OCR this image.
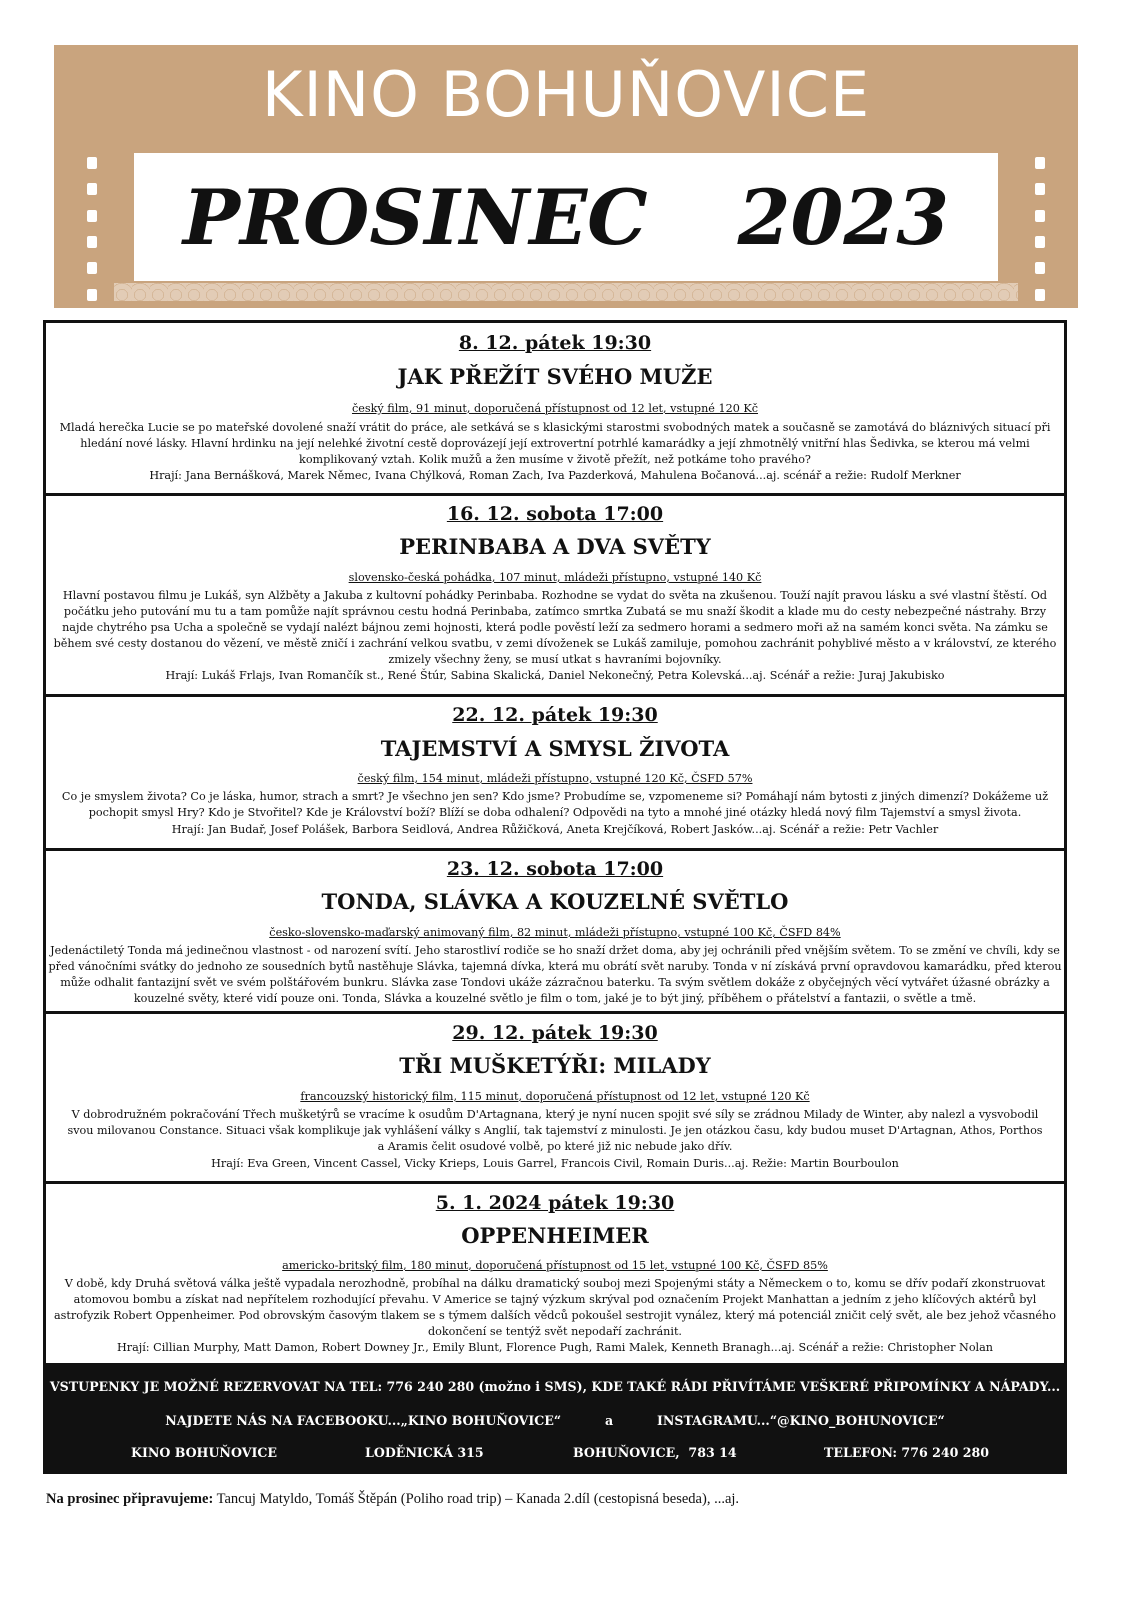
KINO BOHUŇOVICE
PROSINEC 2023
8. 12. pátek 19:30
JAK PŘEŽÍT SVÉHO MUŽE
český film, 91 minut, doporučená přístupnost od 12 let, vstupné 120 Kč
Mladá herečka Lucie se po mateřské dovolené snaží vrátit do práce, ale setkává se s klasickými starostmi svobodných matek a současně se zamotává do bláznivých situací při hledání nové lásky. Hlavní hrdinku na její nelehké životní cestě doprovázejí její extrovertní potrhlé kamarádky a její zhmotnělý vnitřní hlas Šedivka, se kterou má velmi komplikovaný vztah. Kolik mužů a žen musíme v životě přežít, než potkáme toho pravého?
Hrají: Jana Bernášková, Marek Němec, Ivana Chýlková, Roman Zach, Iva Pazderková, Mahulena Bočanová...aj. scénář a režie: Rudolf Merkner
16. 12. sobota 17:00
PERINBABA A DVA SVĚTY
slovensko-česká pohádka, 107 minut, mládeži přístupno, vstupné 140 Kč
Hlavní postavou filmu je Lukáš, syn Alžběty a Jakuba z kultovní pohádky Perinbaba. Rozhodne se vydat do světa na zkušenou. Touží najít pravou lásku a své vlastní štěstí. Od počátku jeho putování mu tu a tam pomůže najít správnou cestu hodná Perinbaba, zatímco smrtka Zubatá se mu snaží škodit a klade mu do cesty nebezpečné nástrahy. Brzy najde chytrého psa Ucha a společně se vydají nalézt bájnou zemi hojnosti, která podle pověstí leží za sedmero horami a sedmero moři až na samém konci světa. Na zámku se během své cesty dostanou do vězení, ve městě zničí i zachrání velkou svatbu, v zemi dívoženek se Lukáš zamiluje, pomohou zachránit pohyblivé město a v království, ze kterého zmizely všechny ženy, se musí utkat s havraními bojovníky.
Hrají: Lukáš Frlajs, Ivan Romančík st., René Štúr, Sabina Skalická, Daniel Nekonečný, Petra Kolevská...aj. Scénář a režie: Juraj Jakubisko
22. 12. pátek 19:30
TAJEMSTVÍ A SMYSL ŽIVOTA
český film, 154 minut, mládeži přístupno, vstupné 120 Kč, ČSFD 57%
Co je smyslem života? Co je láska, humor, strach a smrt? Je všechno jen sen? Kdo jsme? Probudíme se, vzpomeneme si? Pomáhají nám bytosti z jiných dimenzí? Dokážeme už pochopit smysl Hry? Kdo je Stvořitel? Kde je Království boží? Blíží se doba odhalení? Odpovědi na tyto a mnohé jiné otázky hledá nový film Tajemství a smysl života.
Hrají: Jan Budař, Josef Polášek, Barbora Seidlová, Andrea Růžičková, Aneta Krejčíková, Robert Jasków...aj. Scénář a režie: Petr Vachler
23. 12. sobota 17:00
TONDA, SLÁVKA A KOUZELNÉ SVĚTLO
česko-slovensko-maďarský animovaný film, 82 minut, mládeži přístupno, vstupné 100 Kč, ČSFD 84%
Jedenáctiletý Tonda má jedinečnou vlastnost - od narození svítí. Jeho starostliví rodiče se ho snaží držet doma, aby jej ochránili před vnějším světem. To se změní ve chvíli, kdy se před vánočními svátky do jednoho ze sousedních bytů nastěhuje Slávka, tajemná dívka, která mu obrátí svět naruby. Tonda v ní získává první opravdovou kamarádku, před kterou může odhalit fantazijní svět ve svém polštářovém bunkru. Slávka zase Tondovi ukáže zázračnou baterku. Ta svým světlem dokáže z obyčejných věcí vytvářet úžasné obrázky a kouzelné světy, které vidí pouze oni. Tonda, Slávka a kouzelné světlo je film o tom, jaké je to být jiný, příběhem o přátelství a fantazii, o světle a tmě.
29. 12. pátek 19:30
TŘI MUŠKETÝŘI: MILADY
francouzský historický film, 115 minut, doporučená přístupnost od 12 let, vstupné 120 Kč
V dobrodružném pokračování Třech mušketýrů se vracíme k osudům D'Artagnana, který je nyní nucen spojit své síly se zrádnou Milady de Winter, aby nalezl a vysvobodil svou milovanou Constance. Situaci však komplikuje jak vyhlášení války s Anglií, tak tajemství z minulosti. Je jen otázkou času, kdy budou muset D'Artagnan, Athos, Porthos a Aramis čelit osudové volbě, po které již nic nebude jako dřív.
Hrají: Eva Green, Vincent Cassel, Vicky Krieps, Louis Garrel, Francois Civil, Romain Duris...aj. Režie: Martin Bourboulon
5. 1. 2024 pátek 19:30
OPPENHEIMER
americko-britský film, 180 minut, doporučená přístupnost od 15 let, vstupné 100 Kč, ČSFD 85%
V době, kdy Druhá světová válka ještě vypadala nerozhodně, probíhal na dálku dramatický souboj mezi Spojenými státy a Německem o to, komu se dřív podaří zkonstruovat atomovou bombu a získat nad nepřítelem rozhodující převahu. V Americe se tajný výzkum skrýval pod označením Projekt Manhattan a jedním z jeho klíčových aktérů byl astrofyzik Robert Oppenheimer. Pod obrovským časovým tlakem se s týmem dalších vědců pokoušel sestrojit vynález, který má potenciál zničit celý svět, ale bez jehož včasného dokončení se tentýž svět nepodaří zachránit.
Hrají: Cillian Murphy, Matt Damon, Robert Downey Jr., Emily Blunt, Florence Pugh, Rami Malek, Kenneth Branagh...aj. Scénář a režie: Christopher Nolan
VSTUPENKY JE MOŽNÉ REZERVOVAT NA TEL: 776 240 280 (možno i SMS), KDE TAKÉ RÁDI PŘIVÍTÁME VEŠKERÉ PŘIPOMÍNKY A NÁPADY...
NAJDETE NÁS NA FACEBOOKU...„KINO BOHUŇOVICE“          a          INSTAGRAMU...“@KINO_BOHUNOVICE“
KINO BOHUŇOVICE	LODĚNICKÁ 315	BOHUŇOVICE,  783 14	TELEFON: 776 240 280
Na prosinec připravujeme: Tancuj Matyldo, Tomáš Štěpán (Poliho road trip) – Kanada 2.díl (cestopisná beseda), ...aj.
